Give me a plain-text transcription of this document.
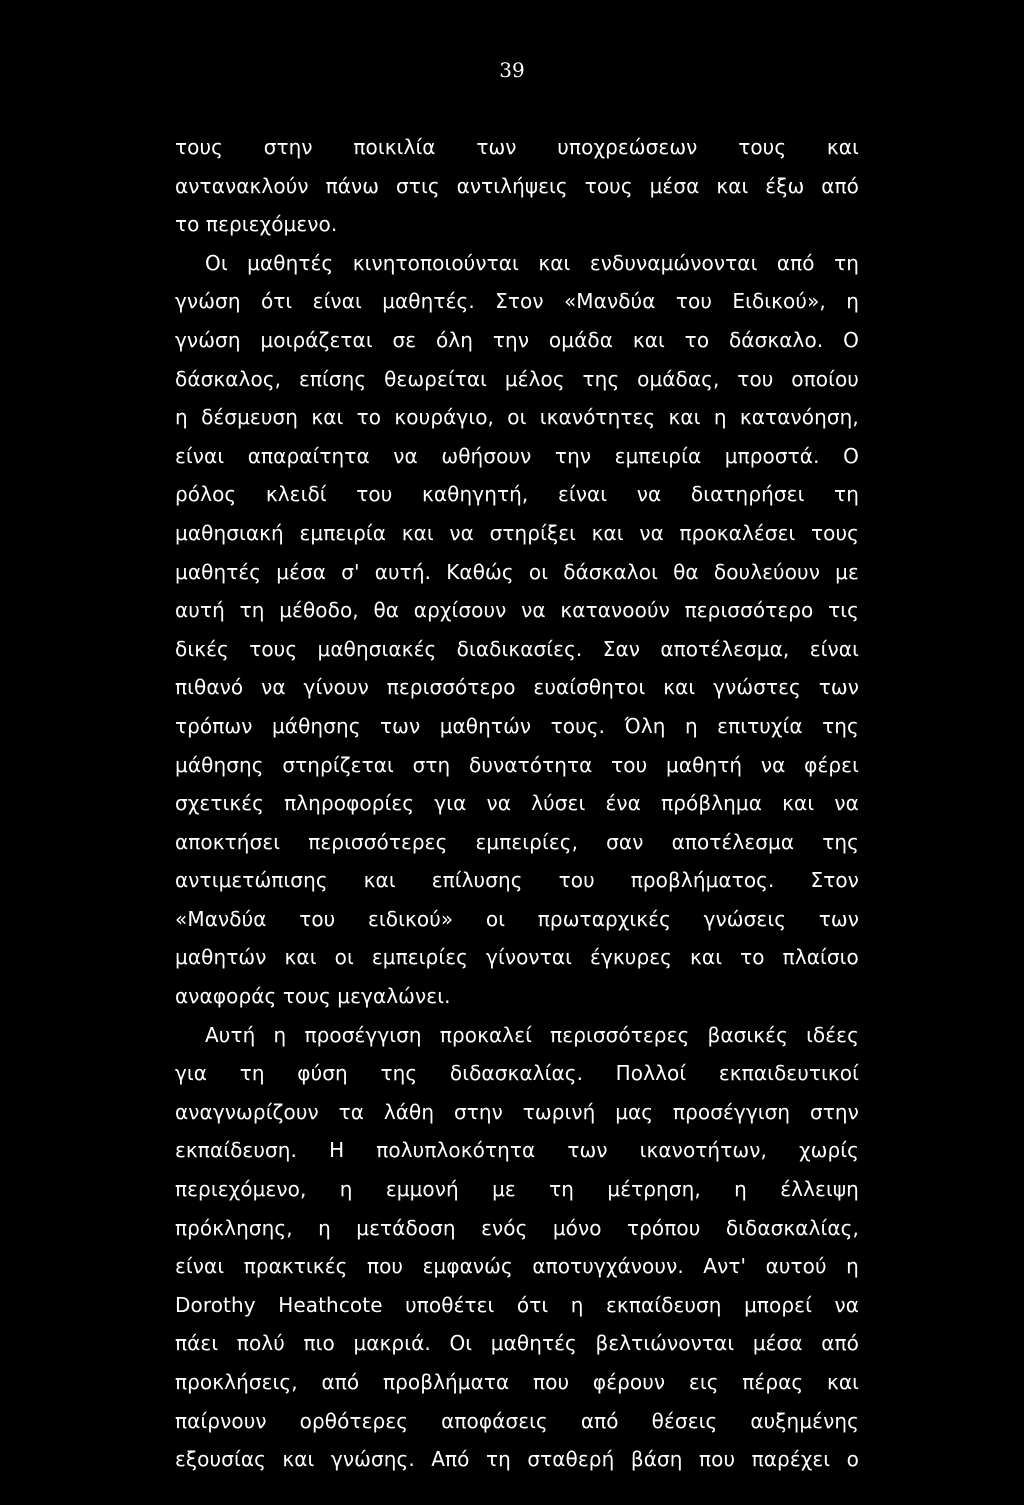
39
τους στην ποικιλία των υποχρεώσεων τους και
αντανακλούν πάνω στις αντιλήψεις τους μέσα και έξω από
το περιεχόμενο.
Οι μαθητές κινητοποιούνται και ενδυναμώνονται από τη
γνώση ότι είναι μαθητές. Στον «Μανδύα του Ειδικού», η
γνώση μοιράζεται σε όλη την ομάδα και το δάσκαλο. Ο
δάσκαλος, επίσης θεωρείται μέλος της ομάδας, του οποίου
η δέσμευση και το κουράγιο, οι ικανότητες και η κατανόηση,
είναι απαραίτητα να ωθήσουν την εμπειρία μπροστά. Ο
ρόλος κλειδί του καθηγητή, είναι να διατηρήσει τη
μαθησιακή εμπειρία και να στηρίξει και να προκαλέσει τους
μαθητές μέσα σ' αυτή. Καθώς οι δάσκαλοι θα δουλεύουν με
αυτή τη μέθοδο, θα αρχίσουν να κατανοούν περισσότερο τις
δικές τους μαθησιακές διαδικασίες. Σαν αποτέλεσμα, είναι
πιθανό να γίνουν περισσότερο ευαίσθητοι και γνώστες των
τρόπων μάθησης των μαθητών τους. Όλη η επιτυχία της
μάθησης στηρίζεται στη δυνατότητα του μαθητή να φέρει
σχετικές πληροφορίες για να λύσει ένα πρόβλημα και να
αποκτήσει περισσότερες εμπειρίες, σαν αποτέλεσμα της
αντιμετώπισης και επίλυσης του προβλήματος. Στον
«Μανδύα του ειδικού» οι πρωταρχικές γνώσεις των
μαθητών και οι εμπειρίες γίνονται έγκυρες και το πλαίσιο
αναφοράς τους μεγαλώνει.
Αυτή η προσέγγιση προκαλεί περισσότερες βασικές ιδέες
για τη φύση της διδασκαλίας. Πολλοί εκπαιδευτικοί
αναγνωρίζουν τα λάθη στην τωρινή μας προσέγγιση στην
εκπαίδευση. Η πολυπλοκότητα των ικανοτήτων, χωρίς
περιεχόμενο, η εμμονή με τη μέτρηση, η έλλειψη
πρόκλησης, η μετάδοση ενός μόνο τρόπου διδασκαλίας,
είναι πρακτικές που εμφανώς αποτυγχάνουν. Αντ' αυτού η
Dorothy Heathcote υποθέτει ότι η εκπαίδευση μπορεί να
πάει πολύ πιο μακριά. Οι μαθητές βελτιώνονται μέσα από
προκλήσεις, από προβλήματα που φέρουν εις πέρας και
παίρνουν ορθότερες αποφάσεις από θέσεις αυξημένης
εξουσίας και γνώσης. Από τη σταθερή βάση που παρέχει ο
